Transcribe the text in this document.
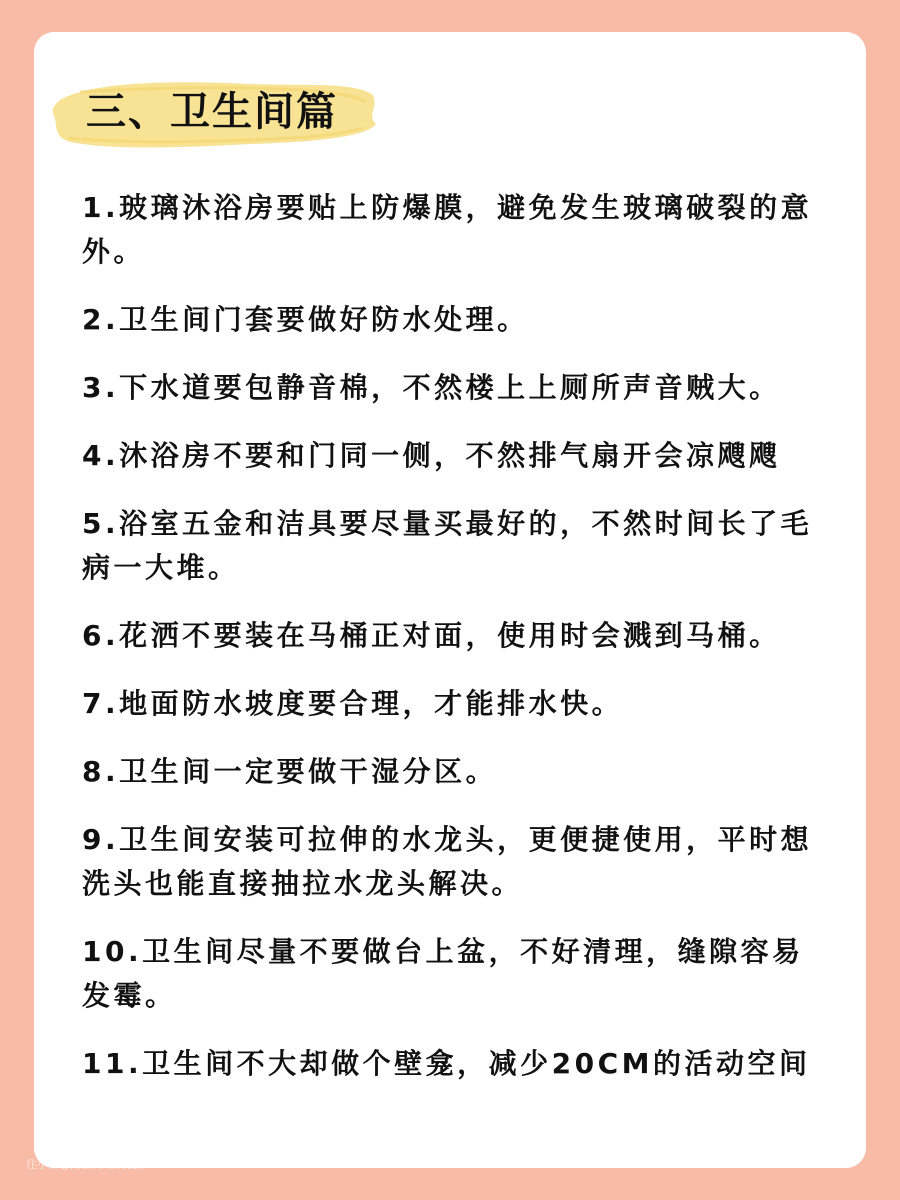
三、卫生间篇
1.玻璃沐浴房要贴上防爆膜，避免发生玻璃破裂的意外。
2.卫生间门套要做好防水处理。
3.下水道要包静音棉，不然楼上上厕所声音贼大。
4.沐浴房不要和门同一侧，不然排气扇开会凉飕飕
5.浴室五金和洁具要尽量买最好的，不然时间长了毛病一大堆。
6.花洒不要装在马桶正对面，使用时会溅到马桶。
7.地面防水坡度要合理，才能排水快。
8.卫生间一定要做干湿分区。
9.卫生间安装可拉伸的水龙头，更便捷使用，平时想洗头也能直接抽拉水龙头解决。
10.卫生间尽量不要做台上盆，不好清理，缝隙容易发霉。
11.卫生间不大却做个壁龛，减少20CM的活动空间
住小帮@雨苗商观设装修
